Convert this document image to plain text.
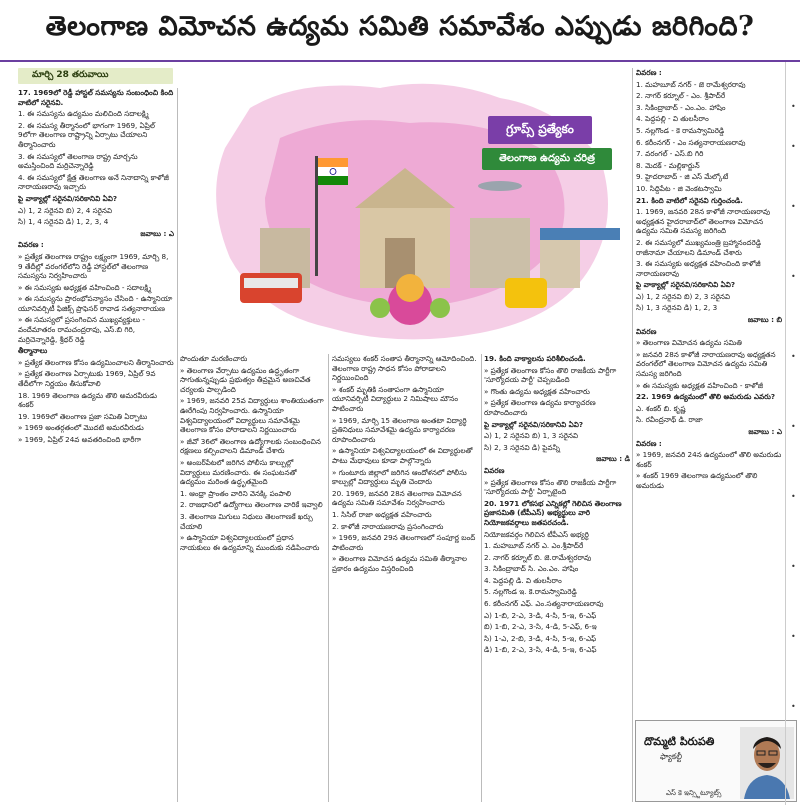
తెలంగాణ విమోచన ఉద్యమ సమితి సమావేశం ఎప్పుడు జరిగింది?
మార్చి 28 తరువాయి

17. 1969లో రెడ్డీ హాస్టల్ సమస్యను సంబంధించి కింది వాటిలో సరైనవి.

1. ఈ సమస్యను ఉద్యమం మలిచింది సదాలక్ష్మి

2. ఈ సమస్య తీర్మానంలో భాగంగా 1969, ఏప్రిల్ 9లోగా తెలంగాణ రాష్ట్రాన్ని ఏర్పాటు చేయాలని తీర్మానించారు

3. ఈ సమస్యలో తెలంగాణ రాష్ట్ర మార్చను అమస్తించింది మర్రిచెన్నారెడ్డి

4. ఈ సమస్యలో క్షేత్ర తెలంగాణ అనే నినాదాన్ని కాళోజీ నారాయణరావు ఇచ్చారు

పై వాక్యాల్లో సరైనవి/సరికానివి ఏవి?

ఎ) 1, 2 సరైనవి బి) 2, 4 సరైనవి

సి) 1, 4 సరైనవి డి) 1, 2, 3, 4

జవాబు : ఎ

వివరణ :

» ప్రత్యేక తెలంగాణ రాష్ట్రం లక్ష్యంగా 1969, మార్చి 8, 9 తేదీల్లో వరంగల్‌లోని రెడ్డీ హాస్టల్‌లో తెలంగాణ సమస్యను నిర్వహించారు

» ఈ సమస్యకు అధ్యక్షత వహించింది - సదాలక్ష్మి

» ఈ సమస్యను ప్రారంభోపన్యాసం చేసింది - ఉస్మానియా యూనివర్సిటీ ఫిజిక్స్ ప్రొఫెసర్ రావాడ సత్యనారాయణ

» ఈ సమస్యలో ప్రసంగించిన ముఖ్యవ్యక్తులు - వందేమాతరం రామచంద్రరావు, ఎస్.బి గిరి, మర్రిచెన్నారెడ్డి, శ్రీధర్ రెడ్డి

తీర్మానాలు

» ప్రత్యేక తెలంగాణ కోసం ఉద్యమించాలని తీర్మానించారు

» ప్రత్యేక తెలంగాణ ఏర్పాటుకు 1969, ఏప్రిల్ 9వ తేదీలోగా నిర్ణయం తీసుకోవాలి

18. 1969 తెలంగాణ ఉద్యమ తొలి అమరవీరుడు శంకర్

19. 1969లో తెలంగాణ ప్రజా సమితి ఏర్పాటు

» 1969 అంతర్గతంలో మొదటి అమరవీరుడు

» 1969, ఏప్రిల్ 24వ అవతరించింది భారీగా

గ్రూప్స్ ప్రత్యేకం
తెలంగాణ ఉద్యమ చరిత్ర

పొందుతూ మరణించారు

» తెలంగాణ వేర్పాటు ఉద్యమం ఉద్ధృతంగా సాగుతున్నప్పుడు ప్రభుత్వం తీవ్రమైన అణచివేత చర్యలకు పాల్పడింది

» 1969, జనవరి 25వ విద్యార్థులు శాంతియుతంగా ఊరేగింపు నిర్వహించారు. ఉస్మానియా విశ్వవిద్యాలయంలో విద్యార్థులు సమావేశమై తెలంగాణ కోసం పోరాడాలని నిర్ణయించారు

» జీవో 36లో తెలంగాణ ఉద్యోగాలకు సంబంధించిన రక్షణలు కల్పించాలని డిమాండ్ చేశారు

» అంబర్‌పేటలో జరిగిన పోలీసు కాల్పుల్లో విద్యార్థులు మరణించారు. ఈ సంఘటనతో ఉద్యమం మరింత ఉద్ధృతమైంది

1. ఆంధ్రా ప్రాంతం వారిని వెనక్కి పంపాలి

2. రాజధానిలో ఉద్యోగాలు తెలంగాణ వారికే ఇవ్వాలి

3. తెలంగాణ మిగులు నిధులు తెలంగాణకే ఖర్చు చేయాలి

» ఉస్మానియా విశ్వవిద్యాలయంలో ప్రధాన నాయకులు ఈ ఉద్యమాన్ని ముందుకు నడిపించారు

సమస్యలు శంకర్ సంతాప తీర్మానాన్ని ఆమోదించింది. తెలంగాణ రాష్ట్ర సాధన కోసం పోరాడాలని నిర్ణయించింది

» శంకర్ మృతికి సంతాపంగా ఉస్మానియా యూనివర్సిటీ విద్యార్థులు 2 నిమిషాలు మౌనం పాటించారు

» 1969, మార్చి 15 తెలంగాణ అంతటా విద్యార్థి ప్రతినిధులు సమావేశమై ఉద్యమ కార్యాచరణ రూపొందించారు

» ఉస్మానియా విశ్వవిద్యాలయంలో ఈ విద్యార్థులతో పాటు మేధావులు కూడా పాల్గొన్నారు

» గుంటూరు జిల్లాలో జరిగిన ఆందోళనలో పోలీసు కాల్పుల్లో విద్యార్థులు మృతి చెందారు

20. 1969, జనవరి 28న తెలంగాణ విమోచన ఉద్యమ సమితి సమావేశం నిర్వహించారు

1. సిసిల్ రాజా అధ్యక్షత వహించారు

2. కాళోజీ నారాయణరావు ప్రసంగించారు

» 1969, జనవరి 29న తెలంగాణలో సంపూర్ణ బంద్ పాటించారు

» తెలంగాణ విమోచన ఉద్యమ సమితి తీర్మానాల ప్రకారం ఉద్యమం విస్తరించింది

19. కింది వాక్యాలను పరిశీలించండి.

» ప్రత్యేక తెలంగాణ కోసం తొలి రాజకీయ పార్టీగా 'సూర్యోదయ పార్టీ' చెప్పబడింది

» గొంతు ఉద్యమ అధ్యక్షత వహించారు

» ప్రత్యేక తెలంగాణ ఉద్యమ కార్యాచరణ రూపొందించారు

పై వాక్యాల్లో సరైనవి/సరికానివి ఏవి?

ఎ) 1, 2 సరైనవి బి) 1, 3 సరైనవి

సి) 2, 3 సరైనవి డి) పైవన్నీ

జవాబు : డి

వివరణ

» ప్రత్యేక తెలంగాణ కోసం తొలి రాజకీయ పార్టీగా 'సూర్యోదయ పార్టీ' ఏర్పాటైంది

20. 1971 లోకసభ ఎన్నికల్లో గెలిచిన తెలంగాణ ప్రజాసమితి (టీపీఎస్) అభ్యర్థులు వారి నియోజకవర్గాలు జతపరచండి.

నియోజకవర్గం గెలిచిన టీపీఎస్ అభ్యర్థి

1. మహబూబ్ నగర్ ఎ. ఎం.శ్రీపాద్‌రే

2. నాగర్ కర్నూల్ బి. జె.రామేశ్వరరావు

3. సికింద్రాబాద్ సి. ఎం.ఎం. హాషిం

4. పెద్దపల్లి డి. వి తులసీరాం

5. నల్లగొండ ఇ. కె.రామస్వామిరెడ్డి

6. కరీంనగర్ ఎఫ్. ఎం.సత్యనారాయణరావు

ఎ) 1-బి, 2-ఎ, 3-డి, 4-సి, 5-ఇ, 6-ఎఫ్

బి) 1-బి, 2-ఎ, 3-సి, 4-డి, 5-ఎఫ్, 6-ఇ

సి) 1-ఎ, 2-బి, 3-డి, 4-సి, 5-ఇ, 6-ఎఫ్

డి) 1-బి, 2-ఎ, 3-సి, 4-డి, 5-ఇ, 6-ఎఫ్

వివరణ :

1. మహబూబ్ నగర్ - జె రామేశ్వరరావు

2. నాగర్ కర్నూల్ - ఎం. శ్రీపాద్‌రే

3. సికింద్రాబాద్ - ఎం.ఎం. హాషిం

4. పెద్దపల్లి - వి తులసీరాం

5. నల్లగొండ - కె రామస్వామిరెడ్డి

6. కరీంనగర్ - ఎం సత్యనారాయణరావు

7. వరంగల్ - ఎస్.బి గిరి

8. మెదక్ - మల్లికార్జున్

9. హైదరాబాద్ - జి ఎస్ మేల్కోటే

10. సిద్దిపేట - జి వెంకటస్వామి

21. కింది వాటిలో సరైనవి గుర్తించండి.

1. 1969, జనవరి 28న కాళోజీ నారాయణరావు అధ్యక్షతన హైదరాబాద్‌లో తెలంగాణ విమోచన ఉద్యమ సమితి సమస్య జరిగింది

2. ఈ సమస్యలో ముఖ్యమంత్రి బ్రహ్మానందరెడ్డి రాజీనామా చేయాలని డిమాండ్ చేశారు

3. ఈ సమస్యకు అధ్యక్షత వహించింది కాళోజీ నారాయణరావు

పై వాక్యాల్లో సరైనవి/సరికానివి ఏవి?

ఎ) 1, 2 సరైనవి బి) 2, 3 సరైనవి

సి) 1, 3 సరైనవి డి) 1, 2, 3

జవాబు : బి

వివరణ

» తెలంగాణ విమోచన ఉద్యమ సమితి

» జనవరి 28న కాళోజీ నారాయణరావు అధ్యక్షతన వరంగల్‌లో తెలంగాణ విమోచన ఉద్యమ సమితి సమస్య జరిగింది

» ఈ సమస్యకు అధ్యక్షత వహించింది - కాళోజీ

22. 1969 ఉద్యమంలో తొలి అమరుడు ఎవరు?

ఎ. శంకర్ బి. కృష్ణ

సి. రవీంద్రనాథ్ డి. రాజా

జవాబు : ఎ

వివరణ :

» 1969, జనవరి 24న ఉద్యమంలో తొలి అమరుడు శంకర్

» శంకర్ 1969 తెలంగాణ ఉద్యమంలో తొలి అమరుడు

దొమ్మటి పిరుపతి
ఫ్యాకల్టీ
ఎస్ కె ఇన్స్టిట్యూట్స్
•
•
•
•
•
•
•
•
•
•
